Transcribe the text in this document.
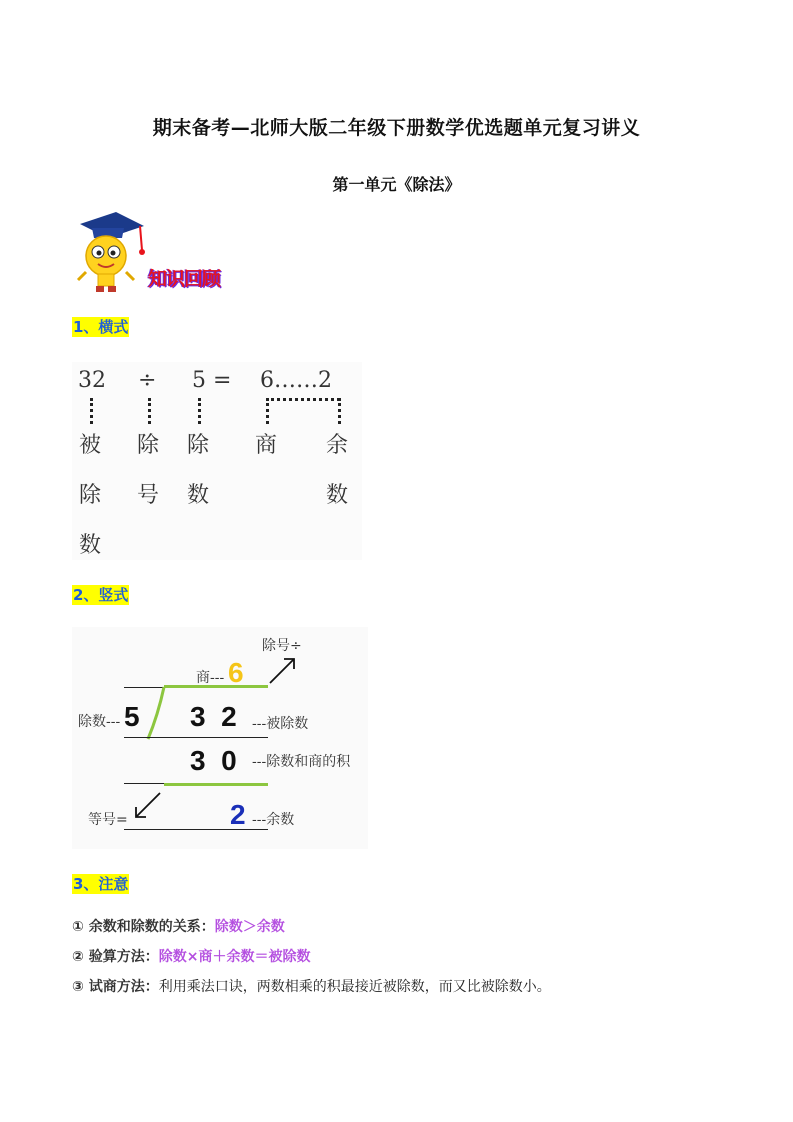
期末备考—北师大版二年级下册数学优选题单元复习讲义
第一单元《除法》
知识回顾
1、横式
32 ÷ 5 = 6……2
被
除
数
除
号
除
数
商 余
数
2、竖式
除号÷
商--- 6
除数--- 5 3  2 ---被除数
3  0 ---除数和商的积
等号=	2 ---余数
3、注意
① 余数和除数的关系：除数＞余数
② 验算方法：除数×商＋余数＝被除数
③ 试商方法：利用乘法口诀，两数相乘的积最接近被除数，而又比被除数小。
